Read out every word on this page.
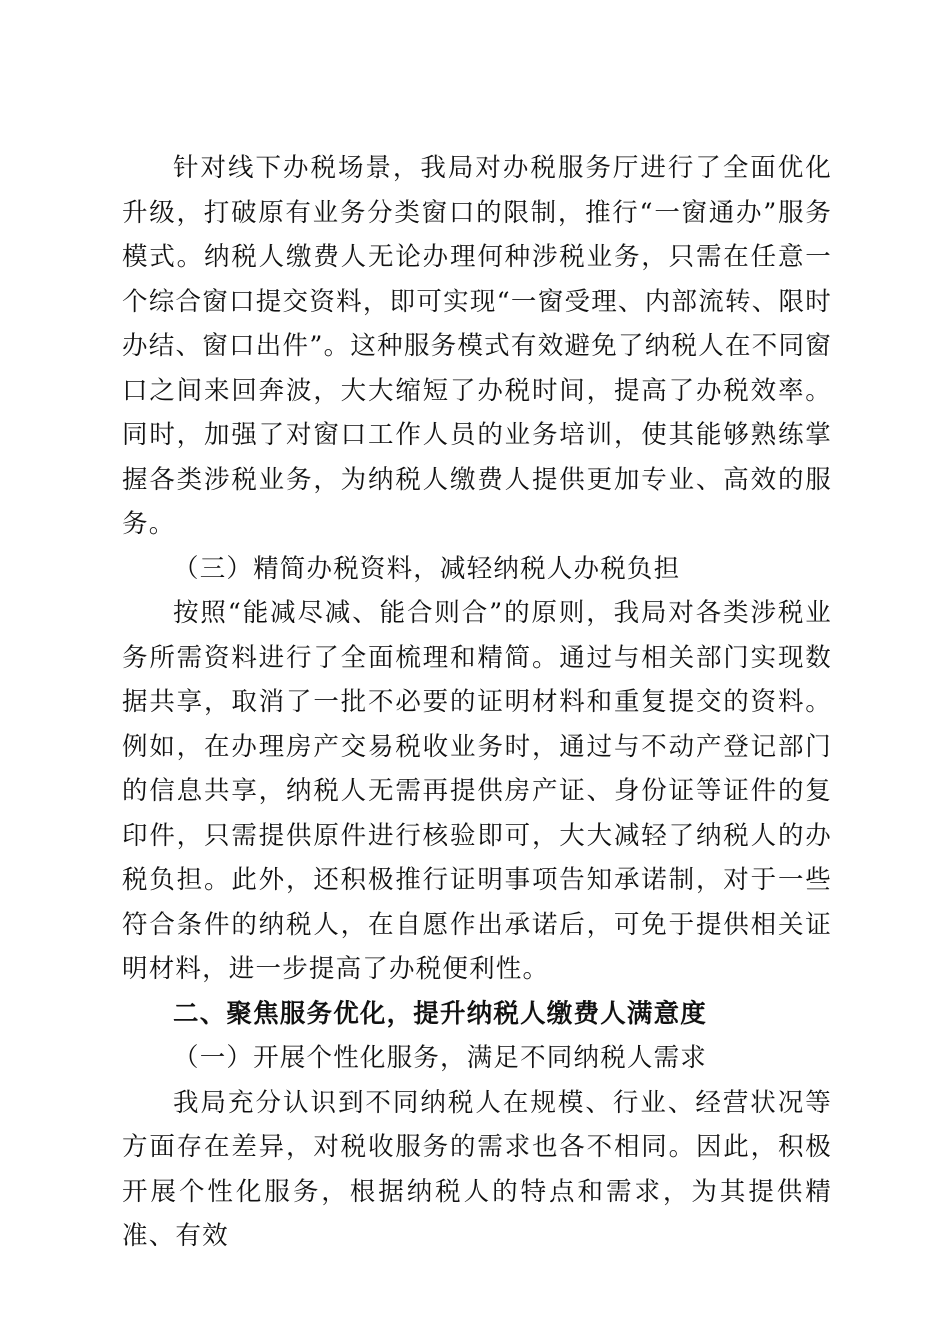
针对线下办税场景，我局对办税服务厅进行了全面优化升级，打破原有业务分类窗口的限制，推行“一窗通办”服务模式。纳税人缴费人无论办理何种涉税业务，只需在任意一个综合窗口提交资料，即可实现“一窗受理、内部流转、限时办结、窗口出件”。这种服务模式有效避免了纳税人在不同窗口之间来回奔波，大大缩短了办税时间，提高了办税效率。同时，加强了对窗口工作人员的业务培训，使其能够熟练掌握各类涉税业务，为纳税人缴费人提供更加专业、高效的服务。

（三）精简办税资料，减轻纳税人办税负担

按照“能减尽减、能合则合”的原则，我局对各类涉税业务所需资料进行了全面梳理和精简。通过与相关部门实现数据共享，取消了一批不必要的证明材料和重复提交的资料。例如，在办理房产交易税收业务时，通过与不动产登记部门的信息共享，纳税人无需再提供房产证、身份证等证件的复印件，只需提供原件进行核验即可，大大减轻了纳税人的办税负担。此外，还积极推行证明事项告知承诺制，对于一些符合条件的纳税人，在自愿作出承诺后，可免于提供相关证明材料，进一步提高了办税便利性。

二、聚焦服务优化，提升纳税人缴费人满意度

（一）开展个性化服务，满足不同纳税人需求

我局充分认识到不同纳税人在规模、行业、经营状况等方面存在差异，对税收服务的需求也各不相同。因此，积极开展个性化服务，根据纳税人的特点和需求，为其提供精准、有效
